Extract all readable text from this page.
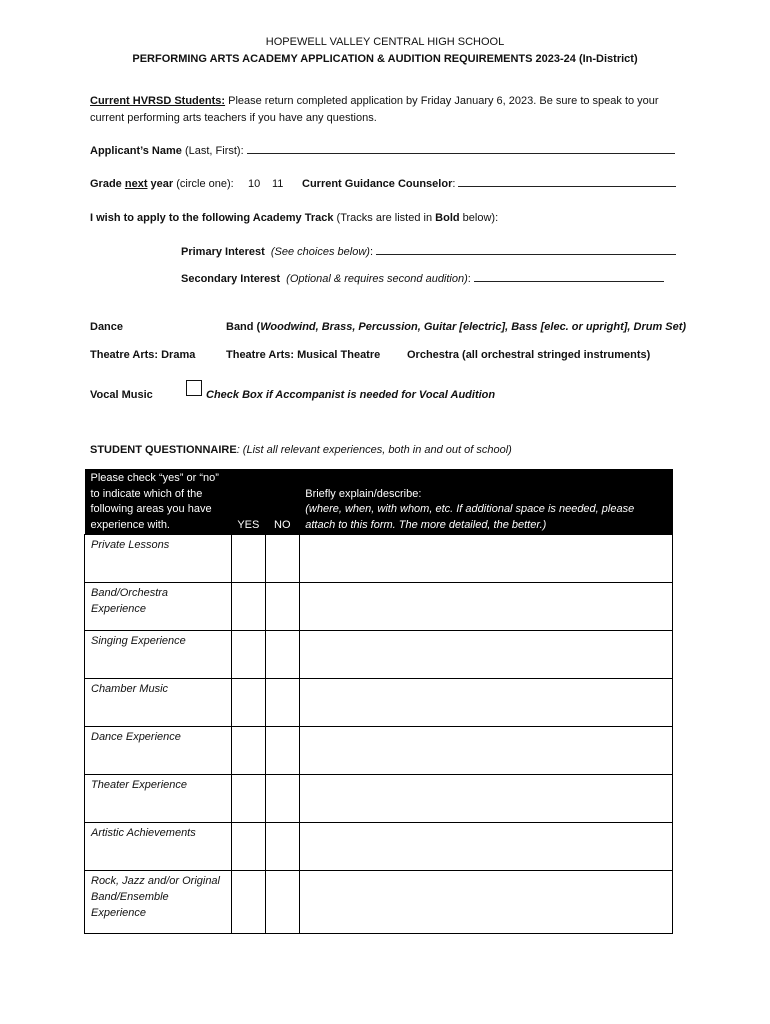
HOPEWELL VALLEY CENTRAL HIGH SCHOOL
PERFORMING ARTS ACADEMY APPLICATION & AUDITION REQUIREMENTS 2023-24 (In-District)
Current HVRSD Students: Please return completed application by Friday January 6, 2023. Be sure to speak to your
current performing arts teachers if you have any questions.
Applicant’s Name (Last, First):
Grade next year (circle one): 10 11 Current Guidance Counselor:
I wish to apply to the following Academy Track (Tracks are listed in Bold below):
Primary Interest (See choices below):
Secondary Interest (Optional & requires second audition):
Dance	Band (Woodwind, Brass, Percussion, Guitar [electric], Bass [elec. or upright], Drum Set)
Theatre Arts: Drama	Theatre Arts: Musical Theatre Orchestra (all orchestral stringed instruments)
Vocal Music	Check Box if Accompanist is needed for Vocal Audition
STUDENT QUESTIONNAIRE: (List all relevant experiences, both in and out of school)
Please check “yes” or “no” to indicate which of the following areas you have experience with.	YES	NO	Briefly explain/describe:
(where, when, with whom, etc. If additional space is needed, please attach to this form. The more detailed, the better.)

Private Lessons			
Band/Orchestra Experience			
Singing Experience			
Chamber Music			
Dance Experience			
Theater Experience			
Artistic Achievements			
Rock, Jazz and/or Original Band/Ensemble Experience			
